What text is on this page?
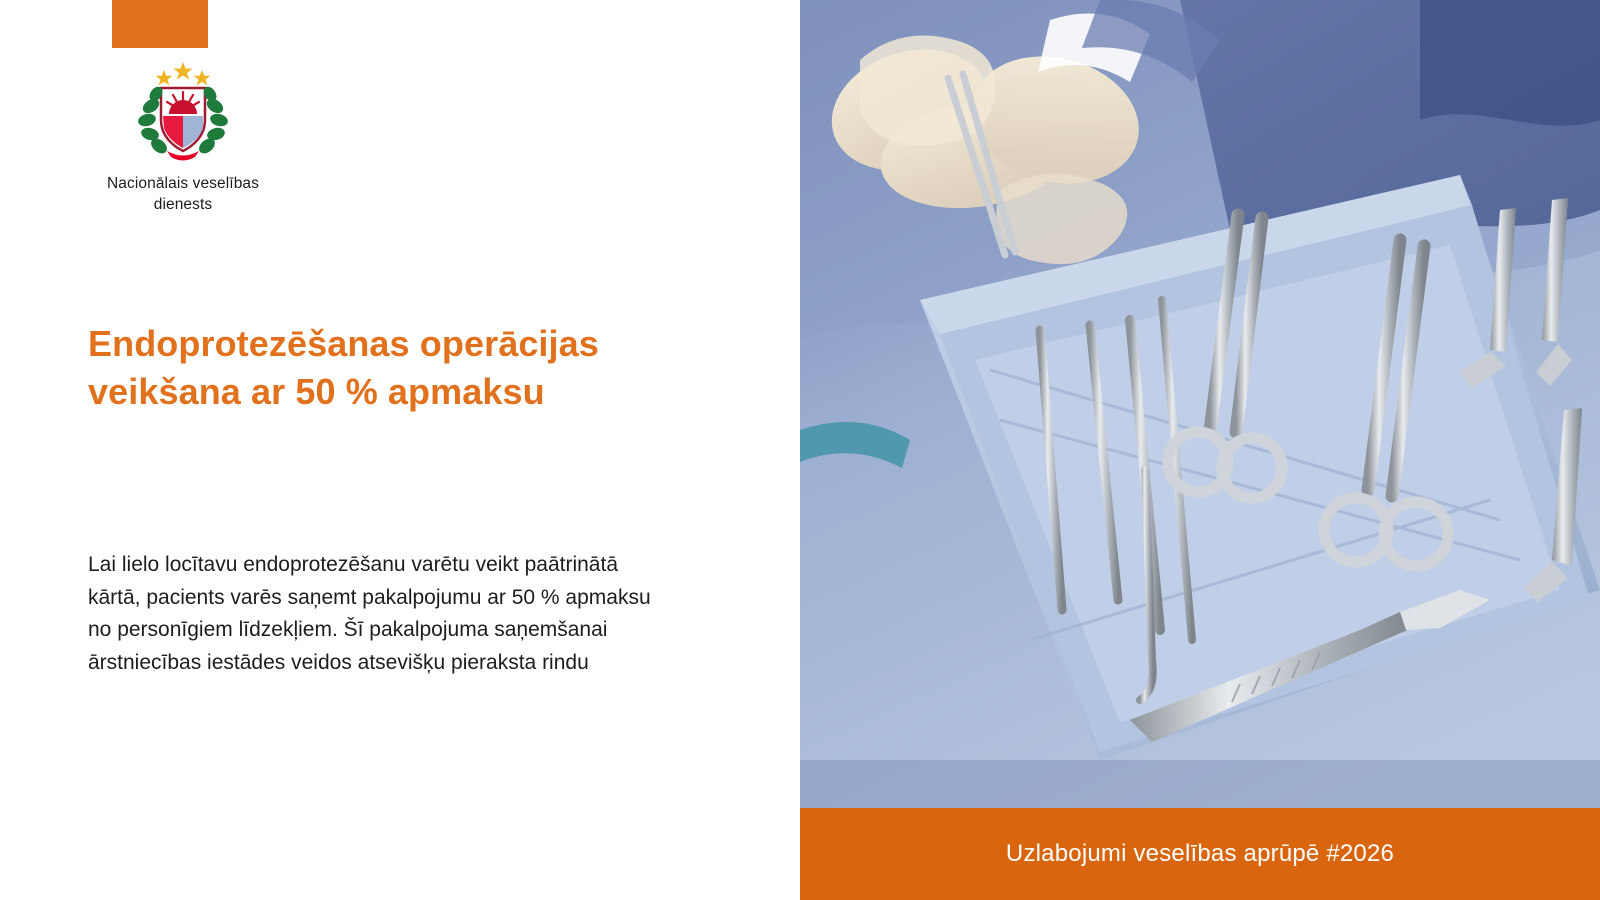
Nacionālais veselības
dienests
Endoprotezēšanas operācijas veikšana ar 50 % apmaksu

Lai lielo locītavu endoprotezēšanu varētu veikt paātrinātā kārtā, pacients varēs saņemt pakalpojumu ar 50 % apmaksu no personīgiem līdzekļiem. Šī pakalpojuma saņemšanai ārstniecības iestādes veidos atsevišķu pieraksta rindu

Uzlabojumi veselības aprūpē #2026
